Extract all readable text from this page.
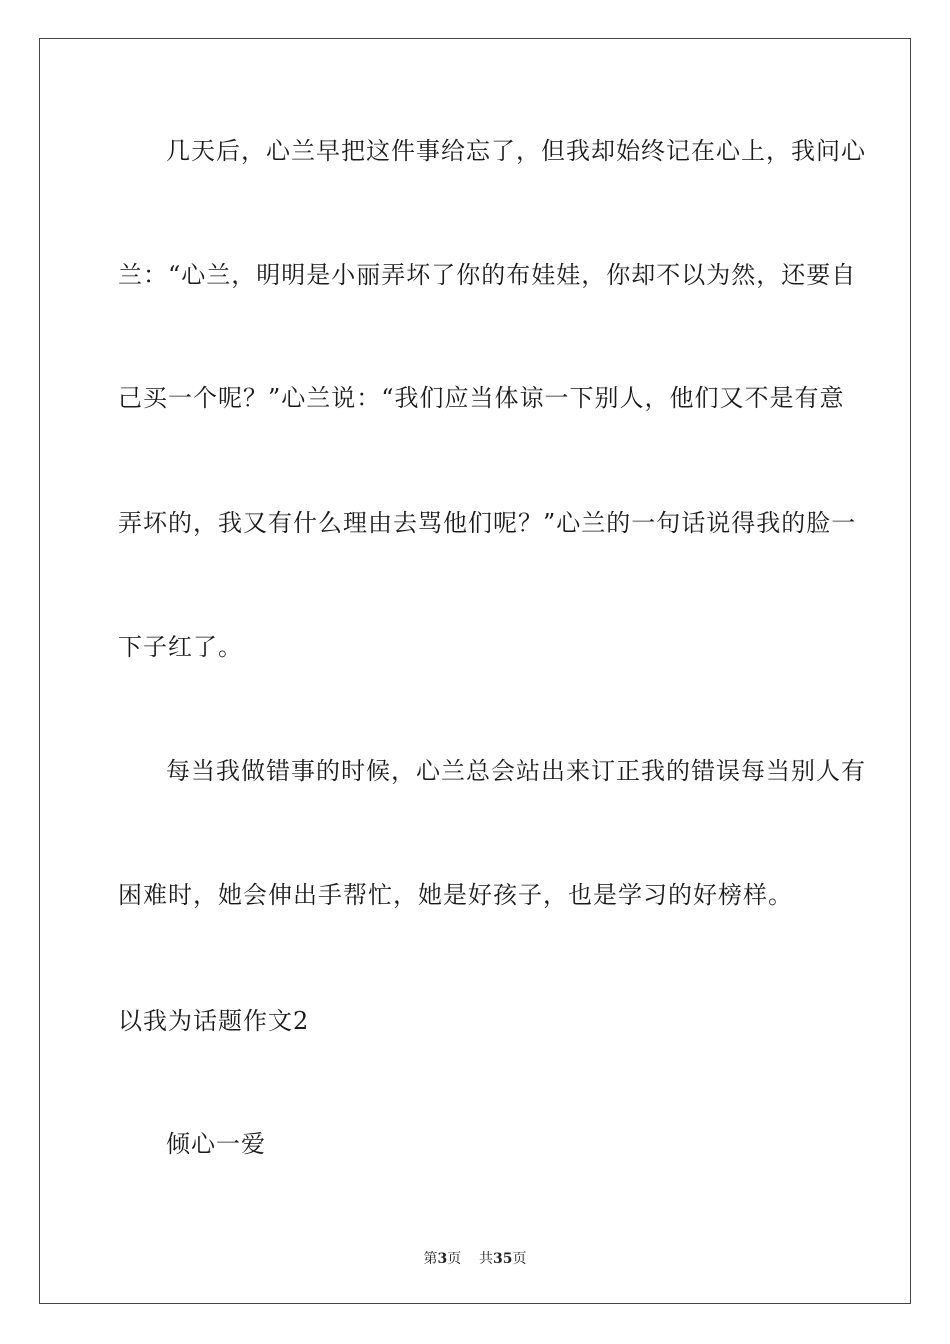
几天后，心兰早把这件事给忘了，但我却始终记在心上，我问心
兰：“心兰，明明是小丽弄坏了你的布娃娃，你却不以为然，还要自
己买一个呢？”心兰说：“我们应当体谅一下别人，他们又不是有意
弄坏的，我又有什么理由去骂他们呢？”心兰的一句话说得我的脸一
下子红了。
每当我做错事的时候，心兰总会站出来订正我的错误每当别人有
困难时，她会伸出手帮忙，她是好孩子，也是学习的好榜样。
以我为话题作文2
倾心一爱
第3页 共35页
